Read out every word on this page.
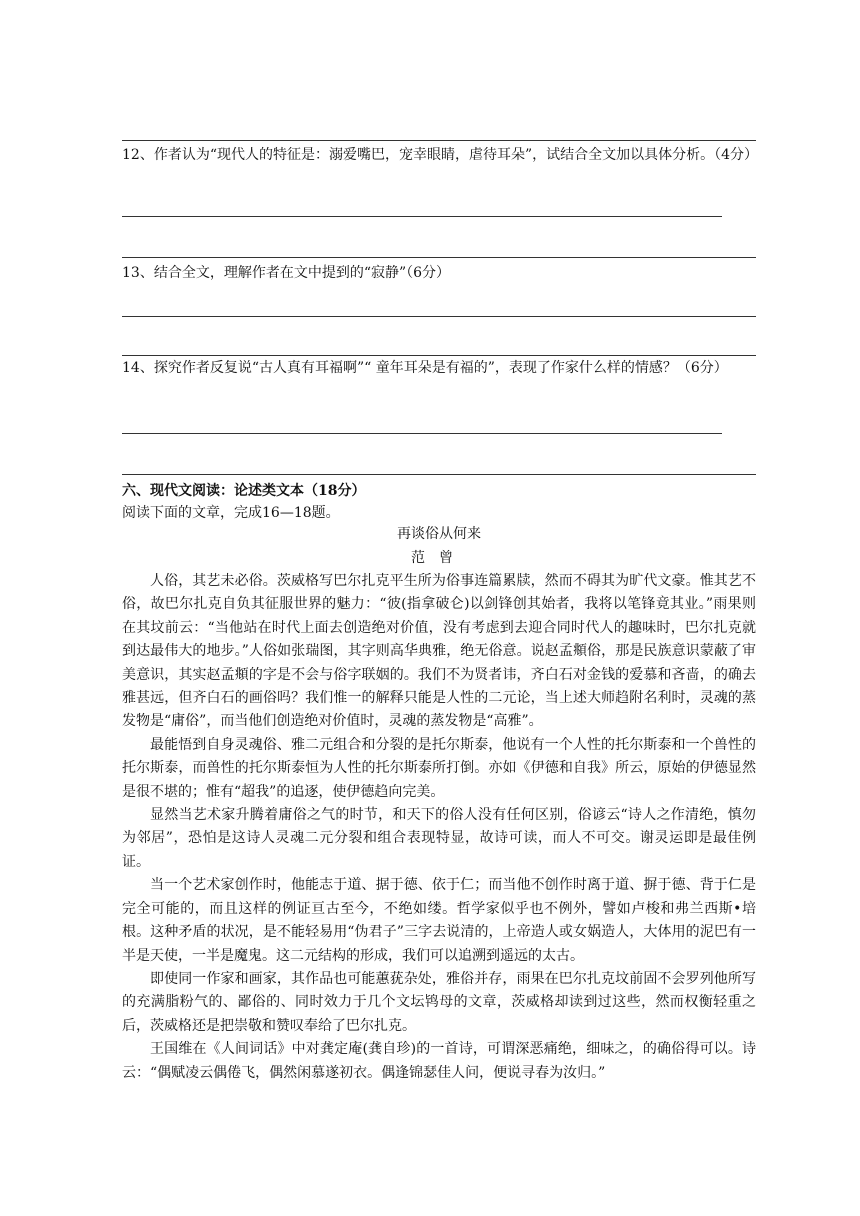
12、作者认为“现代人的特征是：溺爱嘴巴，宠幸眼睛，虐待耳朵”，试结合全文加以具体分析。（4分）

13、结合全文，理解作者在文中提到的“寂静”（6分）

14、探究作者反复说“古人真有耳福啊”“ 童年耳朵是有福的”，表现了作家什么样的情感？（6分）

六、现代文阅读：论述类文本（18分）

阅读下面的文章，完成16—18题。

再谈俗从何来

范曾

人俗，其艺未必俗。茨威格写巴尔扎克平生所为俗事连篇累牍，然而不碍其为旷代文豪。惟其艺不俗，故巴尔扎克自负其征服世界的魅力：“彼(指拿破仑)以剑锋创其始者，我将以笔锋竟其业。”雨果则在其坟前云：“当他站在时代上面去创造绝对价值，没有考虑到去迎合同时代人的趣味时，巴尔扎克就到达最伟大的地步。”人俗如张瑞图，其字则高华典雅，绝无俗意。说赵孟頫俗，那是民族意识蒙蔽了审美意识，其实赵孟頫的字是不会与俗字联姻的。我们不为贤者讳，齐白石对金钱的爱慕和吝啬，的确去雅甚远，但齐白石的画俗吗？我们惟一的解释只能是人性的二元论，当上述大师趋附名利时，灵魂的蒸发物是“庸俗”，而当他们创造绝对价值时，灵魂的蒸发物是“高雅”。

最能悟到自身灵魂俗、雅二元组合和分裂的是托尔斯泰，他说有一个人性的托尔斯泰和一个兽性的托尔斯泰，而兽性的托尔斯泰恒为人性的托尔斯泰所打倒。亦如《伊德和自我》所云，原始的伊德显然是很不堪的；惟有“超我”的追逐，使伊德趋向完美。

显然当艺术家升腾着庸俗之气的时节，和天下的俗人没有任何区别，俗谚云“诗人之作清绝，慎勿为邻居”，恐怕是这诗人灵魂二元分裂和组合表现特显，故诗可读，而人不可交。谢灵运即是最佳例证。

当一个艺术家创作时，他能志于道、据于德、依于仁；而当他不创作时离于道、摒于德、背于仁是完全可能的，而且这样的例证亘古至今，不绝如缕。哲学家似乎也不例外，譬如卢梭和弗兰西斯•培根。这种矛盾的状况，是不能轻易用“伪君子”三字去说清的，上帝造人或女娲造人，大体用的泥巴有一半是天使，一半是魔鬼。这二元结构的形成，我们可以追溯到遥远的太古。

即使同一作家和画家，其作品也可能蕙莸杂处，雅俗并存，雨果在巴尔扎克坟前固不会罗列他所写的充满脂粉气的、鄙俗的、同时效力于几个文坛鸨母的文章，茨威格却读到过这些，然而权衡轻重之后，茨威格还是把崇敬和赞叹奉给了巴尔扎克。

王国维在《人间词话》中对龚定庵(龚自珍)的一首诗，可谓深恶痛绝，细味之，的确俗得可以。诗云：“偶赋凌云偶倦飞，偶然闲慕遂初衣。偶逢锦瑟佳人问，便说寻春为汝归。”
